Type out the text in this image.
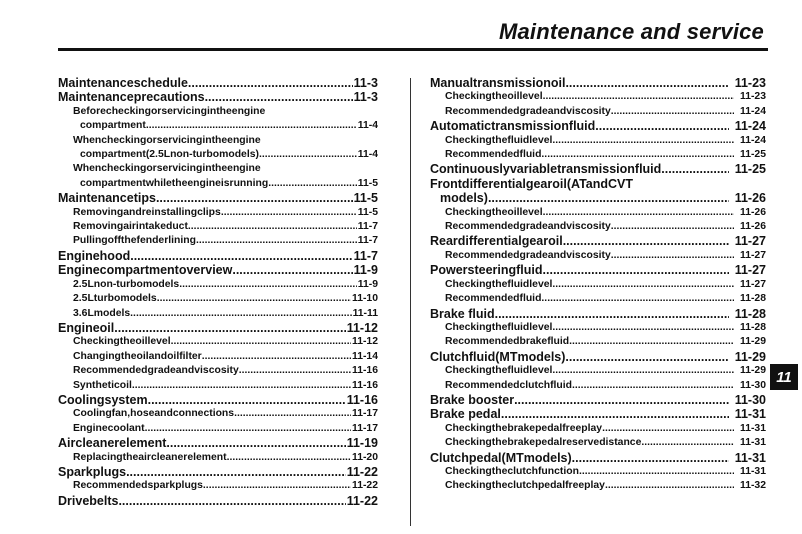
Maintenance and service
Maintenanceschedule .....	11-3
Maintenanceprecautions .....	11-3
Beforecheckingorservicingintheengine
compartment .....	11-4
Whencheckingorservicingintheengine
compartment(2.5Lnon-turbomodels) .....	11-4
Whencheckingorservicingintheengine
compartmentwhiletheengineisrunning .....	11-5
Maintenancetips .....	11-5
Removingandreinstallingclips .....	11-5
Removingairintakeduct .....	11-7
Pullingoffthefenderlining .....	11-7
Enginehood .....	11-7
Enginecompartmentoverview .....	11-9
2.5Lnon-turbomodels .....	11-9
2.5Lturbomodels .....	11-10
3.6Lmodels .....	11-11
Engineoil .....	11-12
Checkingtheoillevel .....	11-12
Changingtheoilandoilfilter .....	11-14
Recommendedgradeandviscosity .....	11-16
Syntheticoil .....	11-16
Coolingsystem .....	11-16
Coolingfan,hoseandconnections .....	11-17
Enginecoolant .....	11-17
Aircleanerelement .....	11-19
Replacingtheaircleanerelement .....	11-20
Sparkplugs .....	11-22
Recommendedsparkplugs .....	11-22
Drivebelts .....	11-22
Manualtransmissionoil .....	11-23
Checkingtheoillevel .....	11-23
Recommendedgradeandviscosity .....	11-24
Automatictransmissionfluid .....	11-24
Checkingthefluidlevel .....	11-24
Recommendedfluid .....	11-25
Continuouslyvariabletransmissionfluid .....	11-25
Frontdifferentialgearoil(ATandCVT
models) .....	11-26
Checkingtheoillevel .....	11-26
Recommendedgradeandviscosity .....	11-26
Reardifferentialgearoil .....	11-27
Recommendedgradeandviscosity .....	11-27
Powersteeringfluid .....	11-27
Checkingthefluidlevel .....	11-27
Recommendedfluid .....	11-28
Brake fluid .....	11-28
Checkingthefluidlevel .....	11-28
Recommendedbrakefluid .....	11-29
Clutchfluid(MTmodels) .....	11-29
Checkingthefluidlevel .....	11-29
Recommendedclutchfluid .....	11-30
Brake booster .....	11-30
Brake pedal .....	11-31
Checkingthebrakepedalfreeplay .....	11-31
Checkingthebrakepedalreservedistance .....	11-31
Clutchpedal(MTmodels) .....	11-31
Checkingtheclutchfunction .....	11-31
Checkingtheclutchpedalfreeplay .....	11-32
11
